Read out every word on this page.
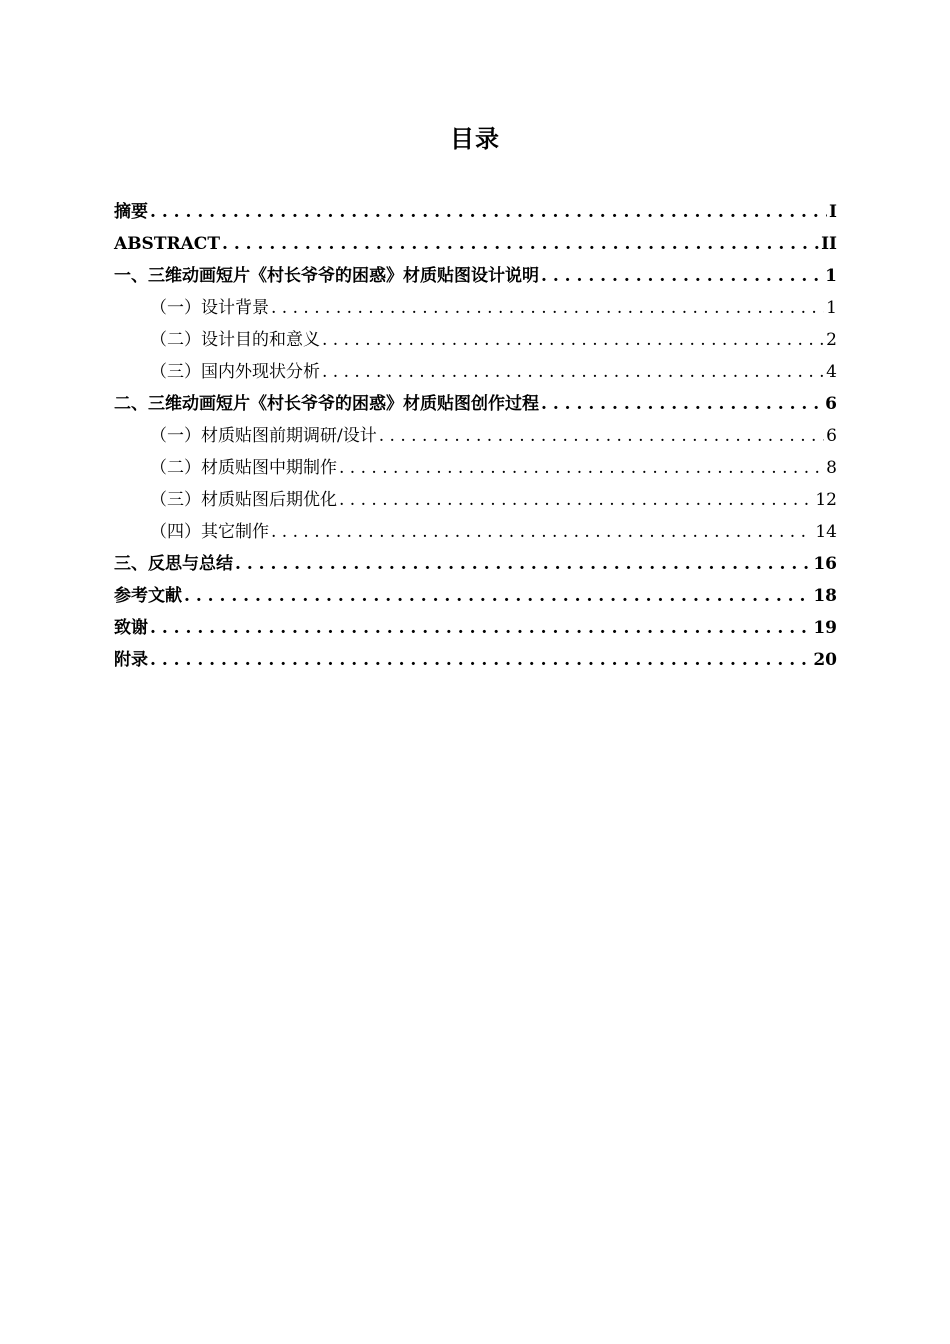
目录
摘要 . . .	I
ABSTRACT . . .	II
一、三维动画短片《村长爷爷的困惑》材质贴图设计说明 . . .	1
（一）设计背景 . . .	1
（二）设计目的和意义 . . .	2
（三）国内外现状分析 . . .	4
二、三维动画短片《村长爷爷的困惑》材质贴图创作过程 . . .	6
（一）材质贴图前期调研/设计 . . .	6
（二）材质贴图中期制作 . . .	8
（三）材质贴图后期优化 . . .	12
（四）其它制作 . . .	14
三、反思与总结 . . .	16
参考文献 . . .	18
致谢 . . .	19
附录 . . .	20
